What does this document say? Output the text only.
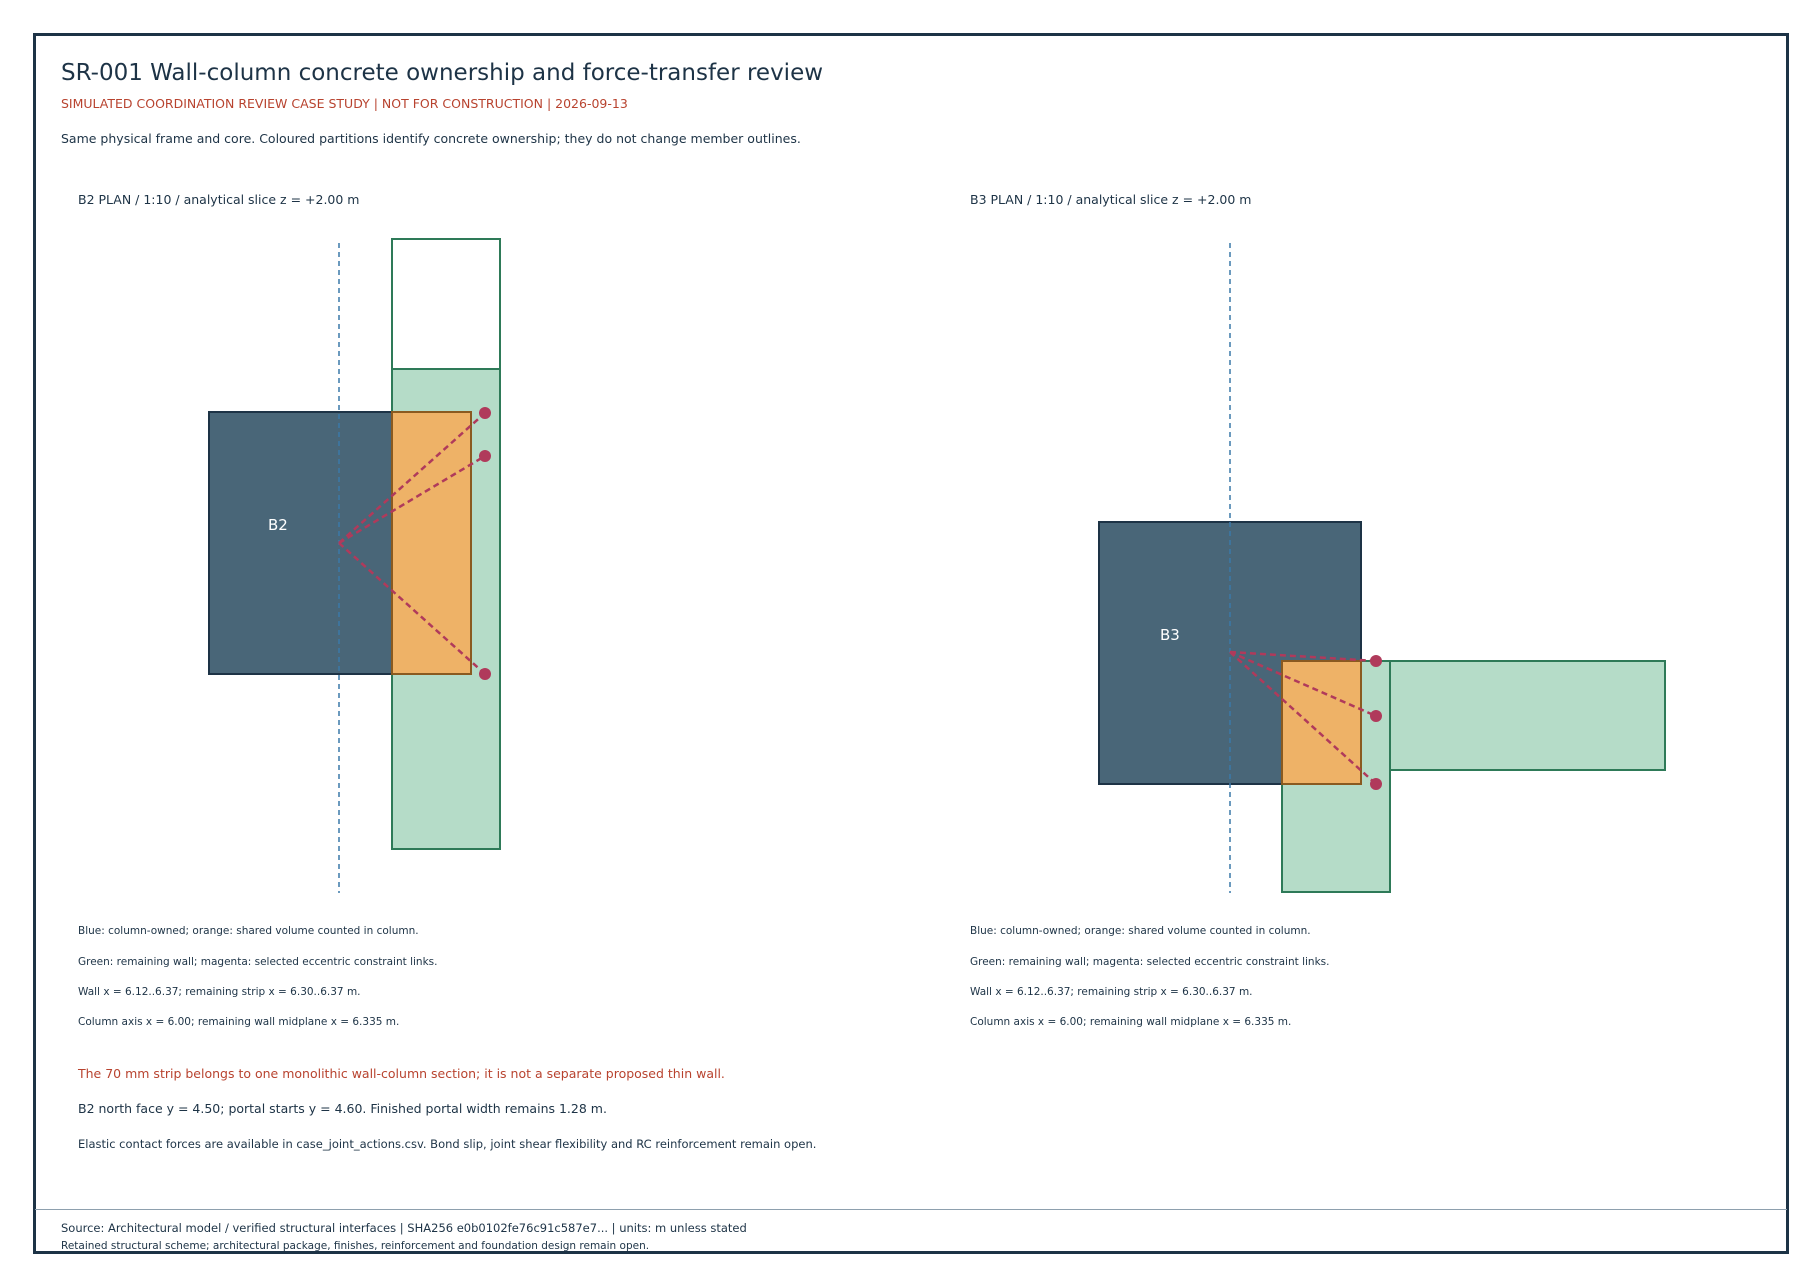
SR-001 Wall-column concrete ownership and force-transfer review
SIMULATED COORDINATION REVIEW CASE STUDY | NOT FOR CONSTRUCTION | 2026-09-13
Same physical frame and core. Coloured partitions identify concrete ownership; they do not change member outlines.
B2 PLAN / 1:10 / analytical slice z = +2.00 m	B3 PLAN / 1:10 / analytical slice z = +2.00 m
B2
B3
Blue: column-owned; orange: shared volume counted in column.
Green: remaining wall; magenta: selected eccentric constraint links.
Wall x = 6.12..6.37; remaining strip x = 6.30..6.37 m.
Column axis x = 6.00; remaining wall midplane x = 6.335 m.
Blue: column-owned; orange: shared volume counted in column.
Green: remaining wall; magenta: selected eccentric constraint links.
Wall x = 6.12..6.37; remaining strip x = 6.30..6.37 m.
Column axis x = 6.00; remaining wall midplane x = 6.335 m.
The 70 mm strip belongs to one monolithic wall-column section; it is not a separate proposed thin wall.
B2 north face y = 4.50; portal starts y = 4.60. Finished portal width remains 1.28 m.
Elastic contact forces are available in case_joint_actions.csv. Bond slip, joint shear flexibility and RC reinforcement remain open.
Source: Architectural model / verified structural interfaces | SHA256 e0b0102fe76c91c587e7... | units: m unless stated
Retained structural scheme; architectural package, finishes, reinforcement and foundation design remain open.
